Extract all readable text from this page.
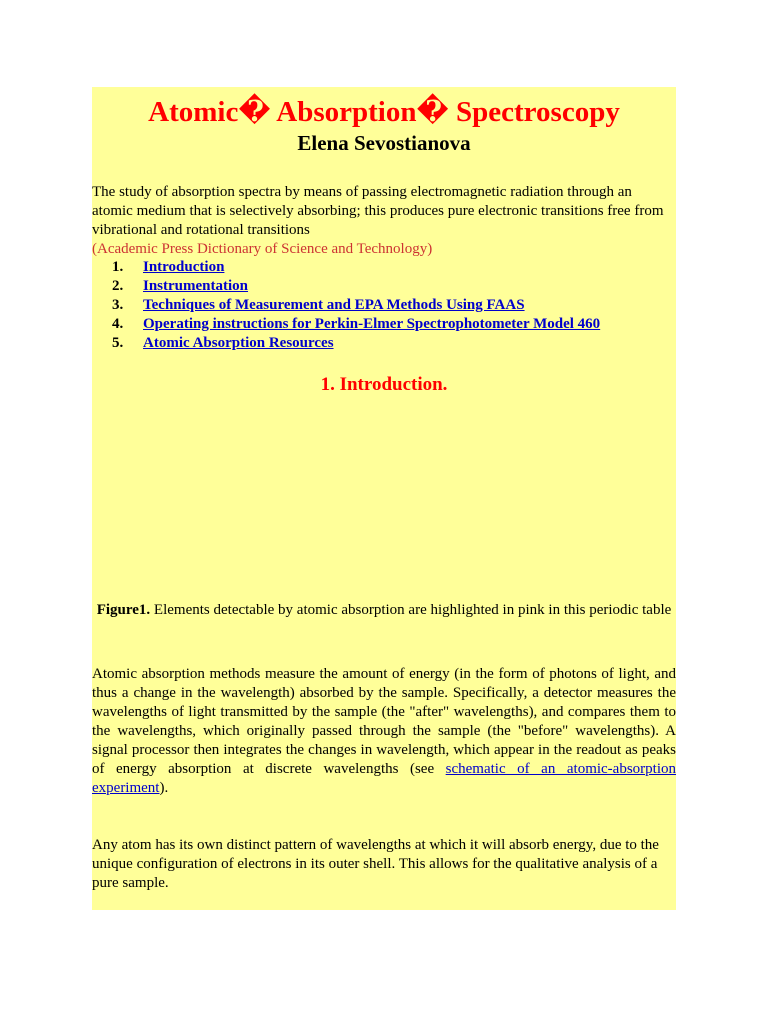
Atomic� Absorption� Spectroscopy
Elena Sevostianova

The study of absorption spectra by means of passing electromagnetic radiation through an atomic medium that is selectively absorbing; this produces pure electronic transitions free from vibrational and rotational transitions
(Academic Press Dictionary of Science and Technology)

1.	Introduction
2.	Instrumentation
3.	Techniques of Measurement and EPA Methods Using FAAS
4.	Operating instructions for Perkin-Elmer Spectrophotometer Model 460
5.	Atomic Absorption Resources
1. Introduction.

Figure1. Elements detectable by atomic absorption are highlighted in pink in this periodic table

Atomic absorption methods measure the amount of energy (in the form of photons of light, and thus a change in the wavelength) absorbed by the sample. Specifically, a detector measures the wavelengths of light transmitted by the sample (the "after" wavelengths), and compares them to the wavelengths, which originally passed through the sample (the "before" wavelengths). A signal processor then integrates the changes in wavelength, which appear in the readout as peaks of energy absorption at discrete wavelengths (see schematic of an atomic-absorption experiment).

Any atom has its own distinct pattern of wavelengths at which it will absorb energy, due to the unique configuration of electrons in its outer shell. This allows for the qualitative analysis of a pure sample.
